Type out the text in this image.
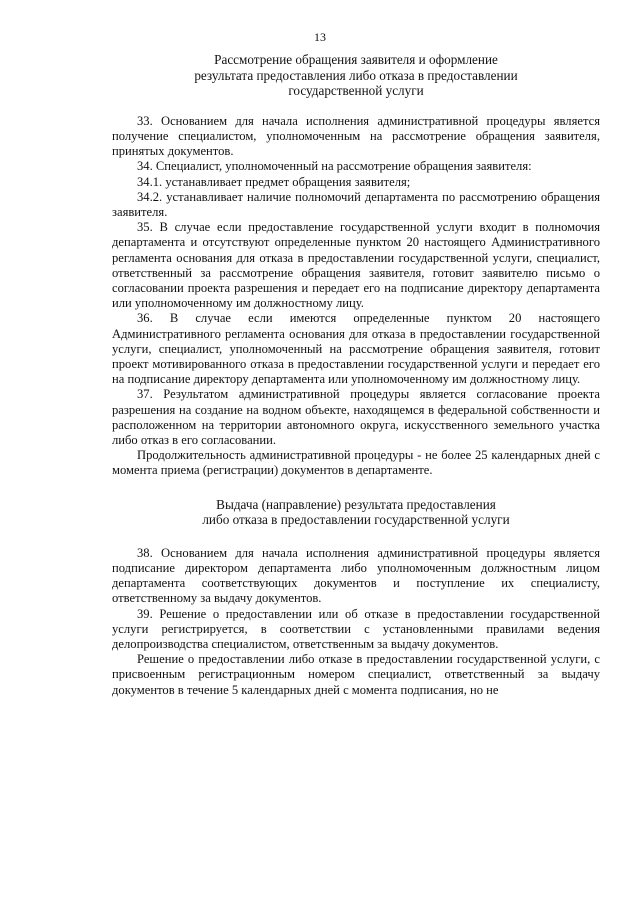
13
Рассмотрение обращения заявителя и оформление
результата предоставления либо отказа в предоставлении
государственной услуги

33. Основанием для начала исполнения административной процедуры является получение специалистом, уполномоченным на рассмотрение обращения заявителя, принятых документов.

34. Специалист, уполномоченный на рассмотрение обращения заявителя:

34.1. устанавливает предмет обращения заявителя;

34.2. устанавливает наличие полномочий департамента по рассмотрению обращения заявителя.

35. В случае если предоставление государственной услуги входит в полномочия департамента и отсутствуют определенные пунктом 20 настоящего Административного регламента основания для отказа в предоставлении государственной услуги, специалист, ответственный за рассмотрение обращения заявителя, готовит заявителю письмо о согласовании проекта разрешения и передает его на подписание директору департамента или уполномоченному им должностному лицу.

36. В случае если имеются определенные пунктом 20 настоящего Административного регламента основания для отказа в предоставлении государственной услуги, специалист, уполномоченный на рассмотрение обращения заявителя, готовит проект мотивированного отказа в предоставлении государственной услуги и передает его на подписание директору департамента или уполномоченному им должностному лицу.

37. Результатом административной процедуры является согласование проекта разрешения на создание на водном объекте, находящемся в федеральной собственности и расположенном на территории автономного округа, искусственного земельного участка либо отказ в его согласовании.

Продолжительность административной процедуры - не более 25 календарных дней с момента приема (регистрации) документов в департаменте.

Выдача (направление) результата предоставления
либо отказа в предоставлении государственной услуги

38. Основанием для начала исполнения административной процедуры является подписание директором департамента либо уполномоченным должностным лицом департамента соответствующих документов и поступление их специалисту, ответственному за выдачу документов.

39. Решение о предоставлении или об отказе в предоставлении государственной услуги регистрируется, в соответствии с установленными правилами ведения делопроизводства специалистом, ответственным за выдачу документов.

Решение о предоставлении либо отказе в предоставлении государственной услуги, с присвоенным регистрационным номером специалист, ответственный за выдачу документов в течение 5 календарных дней с момента подписания, но не
